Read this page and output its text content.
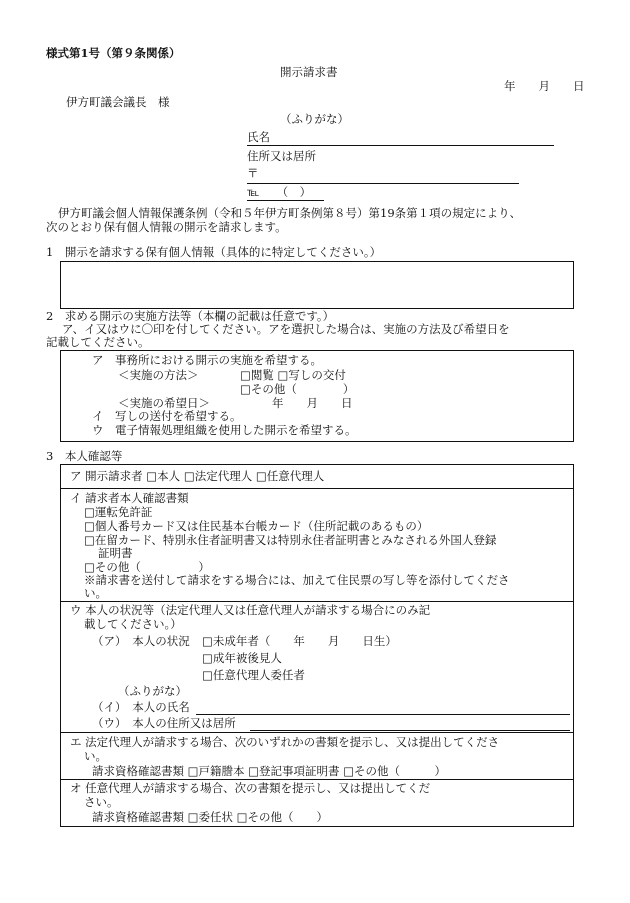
様式第1号（第９条関係）
開示請求書
年　　月　　日
伊方町議会議長　様
（ふりがな）
氏名
住所又は居所
〒
℡　　（　）
伊方町議会個人情報保護条例（令和５年伊方町条例第８号）第19条第１項の規定により、
次のとおり保有個人情報の開示を請求します。
1　開示を請求する保有個人情報（具体的に特定してください。）
2　求める開示の実施方法等（本欄の記載は任意です。）
ア、イ又はウに〇印を付してください。アを選択した場合は、実施の方法及び希望日を
記載してください。
ア　事務所における開示の実施を希望する。
＜実施の方法＞	□閲覧 □写しの交付
□その他（　　　　）
＜実施の希望日＞	年　　月　　日
イ　写しの送付を希望する。
ウ　電子情報処理組織を使用した開示を希望する。
3　本人確認等
ア 開示請求者 □本人 □法定代理人 □任意代理人
イ 請求者本人確認書類
□運転免許証
□個人番号カード又は住民基本台帳カード（住所記載のあるもの）
□在留カード、特別永住者証明書又は特別永住者証明書とみなされる外国人登録
証明書
□その他（　　　　　）
※請求書を送付して請求をする場合には、加えて住民票の写し等を添付してくださ
い。
ウ 本人の状況等（法定代理人又は任意代理人が請求する場合にのみ記
載してください。）
（ア）　本人の状況 □未成年者（　　年　　月　　日生）
□成年被後見人
□任意代理人委任者
（ふりがな）
（イ）　本人の氏名
（ウ）　本人の住所又は居所
エ 法定代理人が請求する場合、次のいずれかの書類を提示し、又は提出してくださ
い。
請求資格確認書類 □戸籍謄本 □登記事項証明書 □その他（　　　）
オ 任意代理人が請求する場合、次の書類を提示し、又は提出してくだ
さい。
請求資格確認書類 □委任状 □その他（　　）
